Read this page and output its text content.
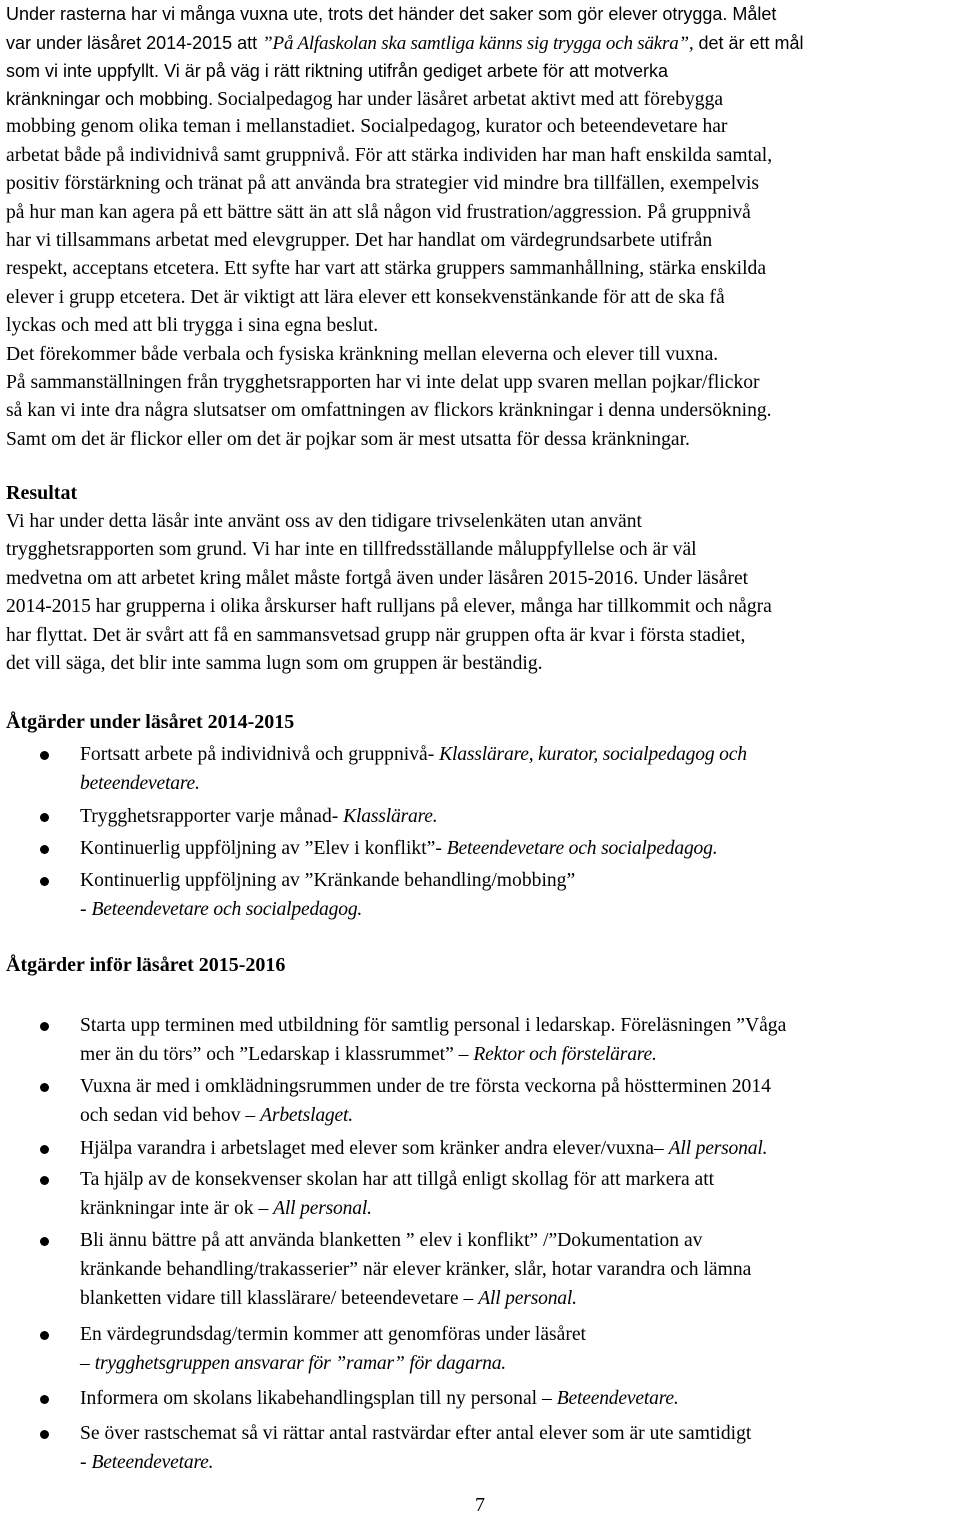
Under rasterna har vi många vuxna ute, trots det händer det saker som gör elever otrygga. Målet
var under läsåret 2014-2015 att ”På Alfaskolan ska samtliga känns sig trygga och säkra”, det är ett mål
som vi inte uppfyllt. Vi är på väg i rätt riktning utifrån gediget arbete för att motverka
kränkningar och mobbing. Socialpedagog har under läsåret arbetat aktivt med att förebygga
mobbing genom olika teman i mellanstadiet. Socialpedagog, kurator och beteendevetare har
arbetat både på individnivå samt gruppnivå. För att stärka individen har man haft enskilda samtal,
positiv förstärkning och tränat på att använda bra strategier vid mindre bra tillfällen, exempelvis
på hur man kan agera på ett bättre sätt än att slå någon vid frustration/aggression. På gruppnivå
har vi tillsammans arbetat med elevgrupper. Det har handlat om värdegrundsarbete utifrån
respekt, acceptans etcetera. Ett syfte har vart att stärka gruppers sammanhållning, stärka enskilda
elever i grupp etcetera. Det är viktigt att lära elever ett konsekvenstänkande för att de ska få
lyckas och med att bli trygga i sina egna beslut.
Det förekommer både verbala och fysiska kränkning mellan eleverna och elever till vuxna.
På sammanställningen från trygghetsrapporten har vi inte delat upp svaren mellan pojkar/flickor
så kan vi inte dra några slutsatser om omfattningen av flickors kränkningar i denna undersökning.
Samt om det är flickor eller om det är pojkar som är mest utsatta för dessa kränkningar.
Resultat
Vi har under detta läsår inte använt oss av den tidigare trivselenkäten utan använt
trygghetsrapporten som grund. Vi har inte en tillfredsställande måluppfyllelse och är väl
medvetna om att arbetet kring målet måste fortgå även under läsåren 2015-2016. Under läsåret
2014-2015 har grupperna i olika årskurser haft rulljans på elever, många har tillkommit och några
har flyttat. Det är svårt att få en sammansvetsad grupp när gruppen ofta är kvar i första stadiet,
det vill säga, det blir inte samma lugn som om gruppen är beständig.
Åtgärder under läsåret 2014-2015
Fortsatt arbete på individnivå och gruppnivå- Klasslärare, kurator, socialpedagog och
beteendevetare.
Trygghetsrapporter varje månad- Klasslärare.
Kontinuerlig uppföljning av ”Elev i konflikt”- Beteendevetare och socialpedagog.
Kontinuerlig uppföljning av ”Kränkande behandling/mobbing”
- Beteendevetare och socialpedagog.
Åtgärder inför läsåret 2015-2016
Starta upp terminen med utbildning för samtlig personal i ledarskap. Föreläsningen ”Våga
mer än du törs” och ”Ledarskap i klassrummet” – Rektor och förstelärare.
Vuxna är med i omklädningsrummen under de tre första veckorna på höstterminen 2014
och sedan vid behov – Arbetslaget.
Hjälpa varandra i arbetslaget med elever som kränker andra elever/vuxna– All personal.
Ta hjälp av de konsekvenser skolan har att tillgå enligt skollag för att markera att
kränkningar inte är ok – All personal.
Bli ännu bättre på att använda blanketten ” elev i konflikt” /”Dokumentation av
kränkande behandling/trakasserier” när elever kränker, slår, hotar varandra och lämna
blanketten vidare till klasslärare/ beteendevetare – All personal.
En värdegrundsdag/termin kommer att genomföras under läsåret
– trygghetsgruppen ansvarar för ”ramar” för dagarna.
Informera om skolans likabehandlingsplan till ny personal – Beteendevetare.
Se över rastschemat så vi rättar antal rastvärdar efter antal elever som är ute samtidigt
- Beteendevetare.
7
